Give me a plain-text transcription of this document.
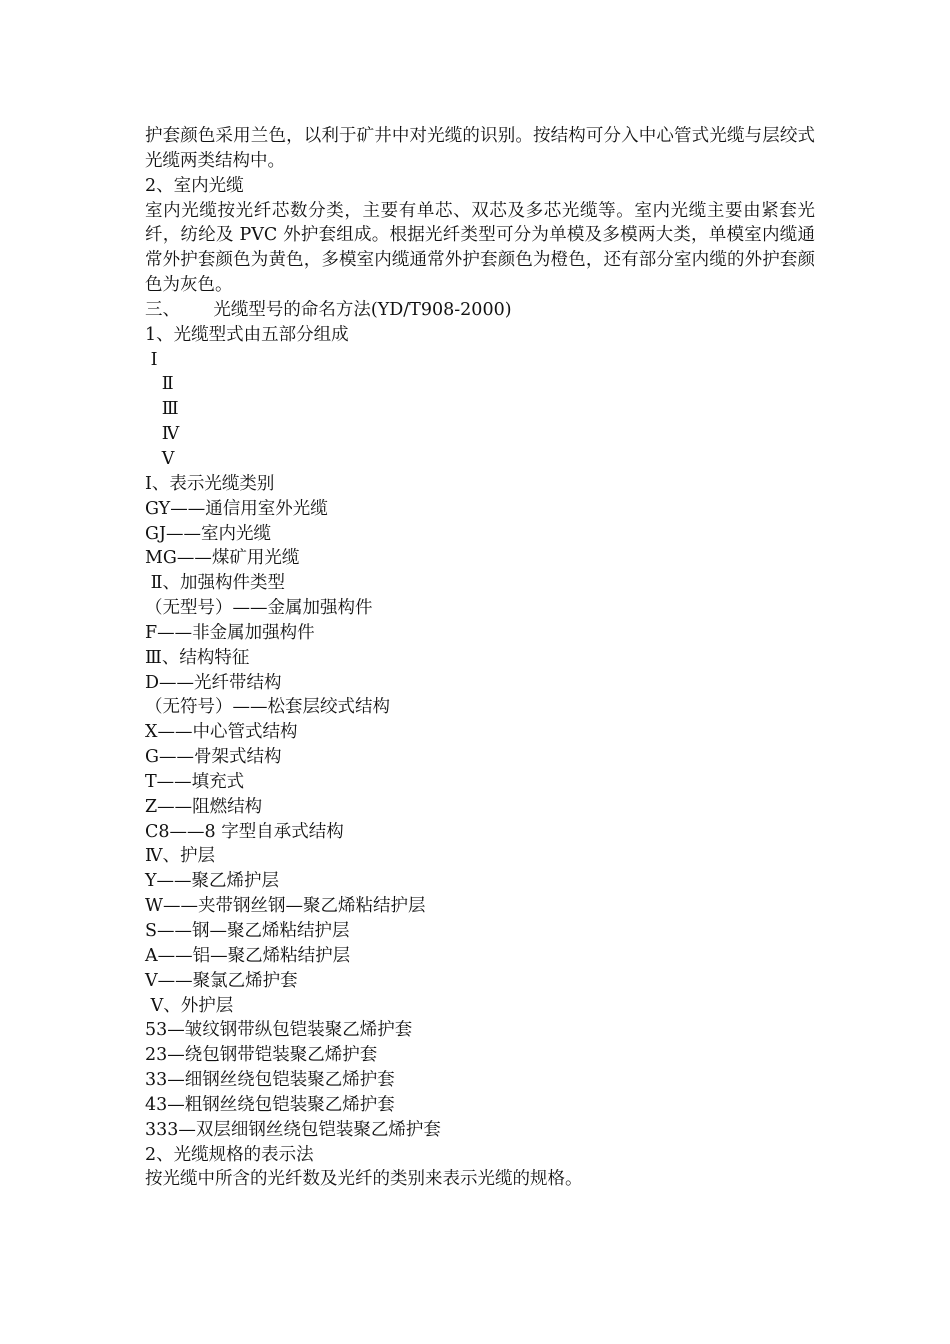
护套颜色采用兰色，以利于矿井中对光缆的识别。按结构可分入中心管式光缆与层绞式光缆两类结构中。
2、室内光缆
室内光缆按光纤芯数分类，主要有单芯、双芯及多芯光缆等。室内光缆主要由紧套光纤，纺纶及 PVC 外护套组成。根据光纤类型可分为单模及多模两大类，单模室内缆通常外护套颜色为黄色，多模室内缆通常外护套颜色为橙色，还有部分室内缆的外护套颜色为灰色。
三、      光缆型号的命名方法(YD/T908-2000)
1、光缆型式由五部分组成
Ⅰ
Ⅱ
Ⅲ
Ⅳ
Ⅴ
I、表示光缆类别
GY——通信用室外光缆
GJ——室内光缆
MG——煤矿用光缆
Ⅱ、加强构件类型
（无型号）——金属加强构件
F——非金属加强构件
Ⅲ、结构特征
D——光纤带结构
（无符号）——松套层绞式结构
X——中心管式结构
G——骨架式结构
T——填充式
Z——阻燃结构
C8——8 字型自承式结构
Ⅳ、护层
Y——聚乙烯护层
W——夹带钢丝钢—聚乙烯粘结护层
S——钢—聚乙烯粘结护层
A——铝—聚乙烯粘结护层
V——聚氯乙烯护套
Ⅴ、外护层
53—皱纹钢带纵包铠装聚乙烯护套
23—绕包钢带铠装聚乙烯护套
33—细钢丝绕包铠装聚乙烯护套
43—粗钢丝绕包铠装聚乙烯护套
333—双层细钢丝绕包铠装聚乙烯护套
2、光缆规格的表示法
按光缆中所含的光纤数及光纤的类别来表示光缆的规格。
